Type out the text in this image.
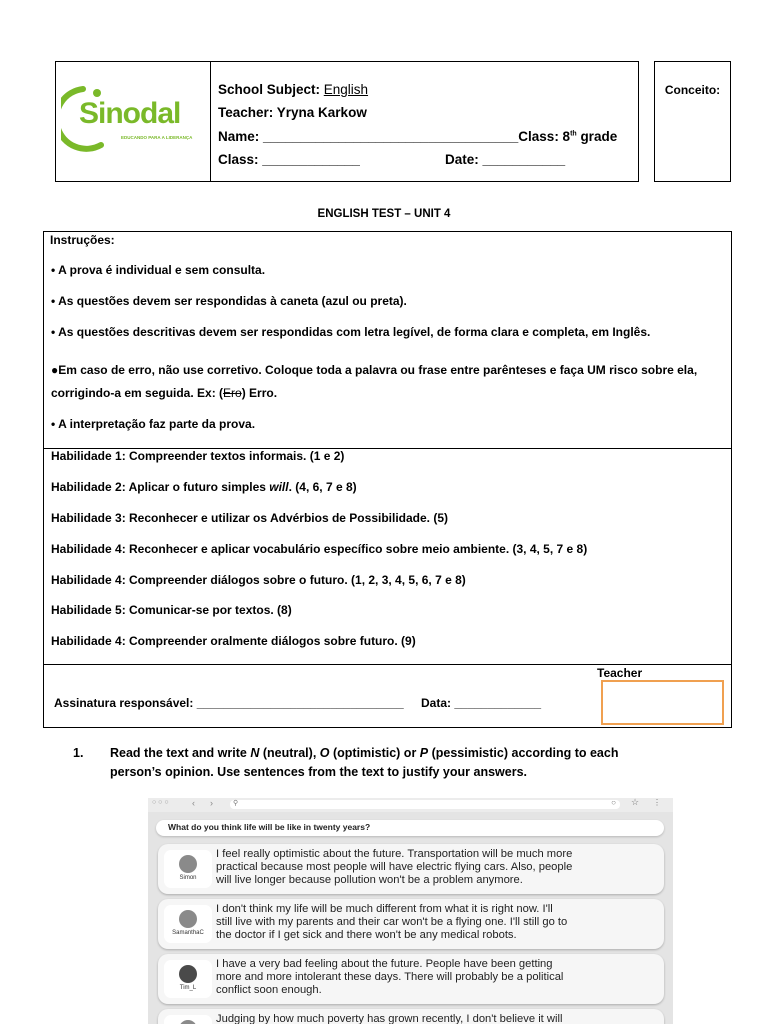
Sinodal
EDUCANDO PARA A LIDERANÇA
School Subject: English
Teacher: Yryna Karkow
Name: __________________________________Class: 8th grade
Class: _____________	Date: ___________
Conceito:
ENGLISH TEST – UNIT 4
Instruções:
• A prova é individual e sem consulta.
• As questões devem ser respondidas à caneta (azul ou preta).
• As questões descritivas devem ser respondidas com letra legível, de forma clara e completa, em Inglês.
●Em caso de erro, não use corretivo. Coloque toda a palavra ou frase entre parênteses e faça UM risco sobre ela,
corrigindo-a em seguida. Ex: (Ero) Erro.
• A interpretação faz parte da prova.
Habilidade 1: Compreender textos informais. (1 e 2)
Habilidade 2: Aplicar o futuro simples will. (4, 6, 7 e 8)
Habilidade 3: Reconhecer e utilizar os Advérbios de Possibilidade. (5)
Habilidade 4: Reconhecer e aplicar vocabulário específico sobre meio ambiente. (3, 4, 5, 7 e 8)
Habilidade 4: Compreender diálogos sobre o futuro. (1, 2, 3, 4, 5, 6, 7 e 8)
Habilidade 5: Comunicar-se por textos. (8)
Habilidade 4: Compreender oralmente diálogos sobre futuro. (9)
Teacher
Assinatura responsável: _______________________________ Data: _____________
1. Read the text and write N (neutral), O (optimistic) or P (pessimistic) according to each
person’s opinion. Use sentences from the text to justify your answers.
○ ○ ○	‹ ›	⚲	○ ☆ ⋮
What do you think life will be like in twenty years?
Simon
I feel really optimistic about the future. Transportation will be much more
practical because most people will have electric flying cars. Also, people
will live longer because pollution won't be a problem anymore.
SamanthaC
I don't think my life will be much different from what it is right now. I'll
still live with my parents and their car won't be a flying one. I'll still go to
the doctor if I get sick and there won't be any medical robots.
Tim_L
I have a very bad feeling about the future. People have been getting
more and more intolerant these days. There will probably be a political
conflict soon enough.
Judging by how much poverty has grown recently, I don't believe it will
